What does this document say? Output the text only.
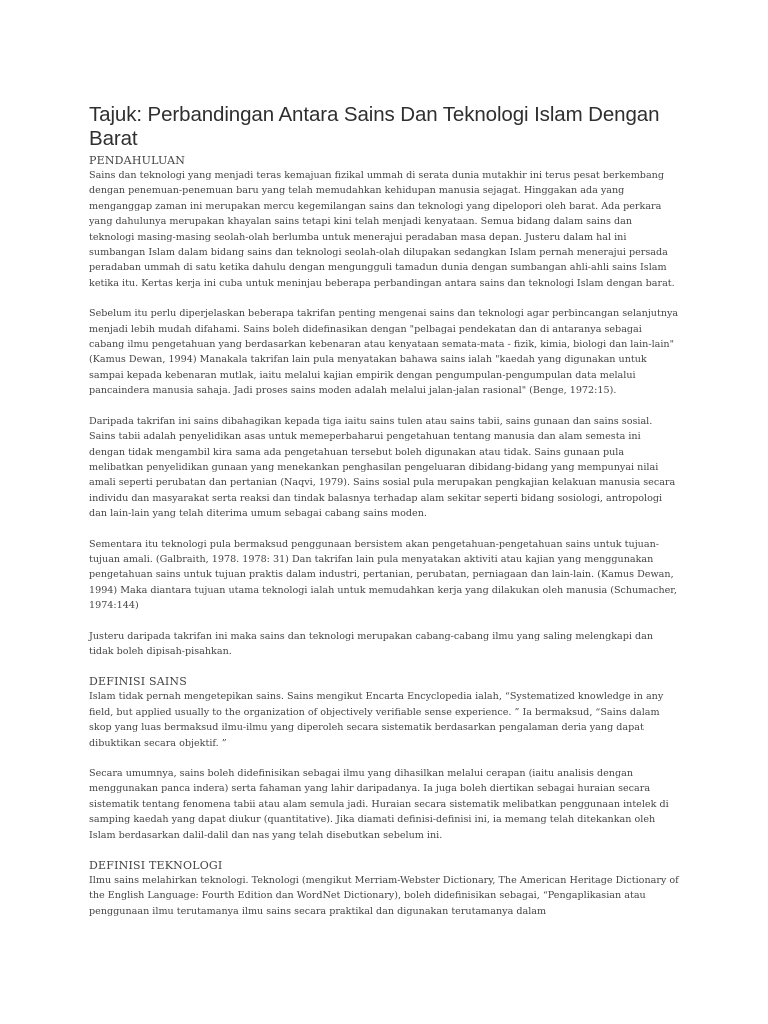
Tajuk: Perbandingan Antara Sains Dan Teknologi Islam Dengan Barat
PENDAHULUAN

Sains dan teknologi yang menjadi teras kemajuan fizikal ummah di serata dunia mutakhir ini terus pesat berkembang dengan penemuan-penemuan baru yang telah memudahkan kehidupan manusia sejagat. Hinggakan ada yang menganggap zaman ini merupakan mercu kegemilangan sains dan teknologi yang dipelopori oleh barat. Ada perkara yang dahulunya merupakan khayalan sains tetapi kini telah menjadi kenyataan. Semua bidang dalam sains dan teknologi masing-masing seolah-olah berlumba untuk menerajui peradaban masa depan. Justeru dalam hal ini sumbangan Islam dalam bidang sains dan teknologi seolah-olah dilupakan sedangkan Islam pernah menerajui persada peradaban ummah di satu ketika dahulu dengan mengungguli tamadun dunia dengan sumbangan ahli-ahli sains Islam ketika itu. Kertas kerja ini cuba untuk meninjau beberapa perbandingan antara sains dan teknologi Islam dengan barat.

Sebelum itu perlu diperjelaskan beberapa takrifan penting mengenai sains dan teknologi agar perbincangan selanjutnya menjadi lebih mudah difahami. Sains boleh didefinasikan dengan "pelbagai pendekatan dan di antaranya sebagai cabang ilmu pengetahuan yang berdasarkan kebenaran atau kenyataan semata-mata - fizik, kimia, biologi dan lain-lain" (Kamus Dewan, 1994) Manakala takrifan lain pula menyatakan bahawa sains ialah "kaedah yang digunakan untuk sampai kepada kebenaran mutlak, iaitu melalui kajian empirik dengan pengumpulan-pengumpulan data melalui pancaindera manusia sahaja. Jadi proses sains moden adalah melalui jalan-jalan rasional" (Benge, 1972:15).

Daripada takrifan ini sains dibahagikan kepada tiga iaitu sains tulen atau sains tabii, sains gunaan dan sains sosial. Sains tabii adalah penyelidikan asas untuk memeperbaharui pengetahuan tentang manusia dan alam semesta ini dengan tidak mengambil kira sama ada pengetahuan tersebut boleh digunakan atau tidak. Sains gunaan pula melibatkan penyelidikan gunaan yang menekankan penghasilan pengeluaran dibidang-bidang yang mempunyai nilai amali seperti perubatan dan pertanian (Naqvi, 1979). Sains sosial pula merupakan pengkajian kelakuan manusia secara individu dan masyarakat serta reaksi dan tindak balasnya terhadap alam sekitar seperti bidang sosiologi, antropologi dan lain-lain yang telah diterima umum sebagai cabang sains moden.

Sementara itu teknologi pula bermaksud penggunaan bersistem akan pengetahuan-pengetahuan sains untuk tujuan-tujuan amali. (Galbraith, 1978. 1978: 31) Dan takrifan lain pula menyatakan aktiviti atau kajian yang menggunakan pengetahuan sains untuk tujuan praktis dalam industri, pertanian, perubatan, perniagaan dan lain-lain. (Kamus Dewan, 1994) Maka diantara tujuan utama teknologi ialah untuk memudahkan kerja yang dilakukan oleh manusia (Schumacher, 1974:144)

Justeru daripada takrifan ini maka sains dan teknologi merupakan cabang-cabang ilmu yang saling melengkapi dan tidak boleh dipisah-pisahkan.

DEFINISI SAINS

Islam tidak pernah mengetepikan sains. Sains mengikut Encarta Encyclopedia ialah, “Systematized knowledge in any field, but applied usually to the organization of objectively verifiable sense experience. ” Ia bermaksud, “Sains dalam skop yang luas bermaksud ilmu-ilmu yang diperoleh secara sistematik berdasarkan pengalaman deria yang dapat dibuktikan secara objektif. ”

Secara umumnya, sains boleh didefinisikan sebagai ilmu yang dihasilkan melalui cerapan (iaitu analisis dengan menggunakan panca indera) serta fahaman yang lahir daripadanya. Ia juga boleh diertikan sebagai huraian secara sistematik tentang fenomena tabii atau alam semula jadi. Huraian secara sistematik melibatkan penggunaan intelek di samping kaedah yang dapat diukur (quantitative). Jika diamati definisi-definisi ini, ia memang telah ditekankan oleh Islam berdasarkan dalil-dalil dan nas yang telah disebutkan sebelum ini.

DEFINISI TEKNOLOGI

Ilmu sains melahirkan teknologi. Teknologi (mengikut Merriam-Webster Dictionary, The American Heritage Dictionary of the English Language: Fourth Edition dan WordNet Dictionary), boleh didefinisikan sebagai, “Pengaplikasian atau penggunaan ilmu terutamanya ilmu sains secara praktikal dan digunakan terutamanya dalam
